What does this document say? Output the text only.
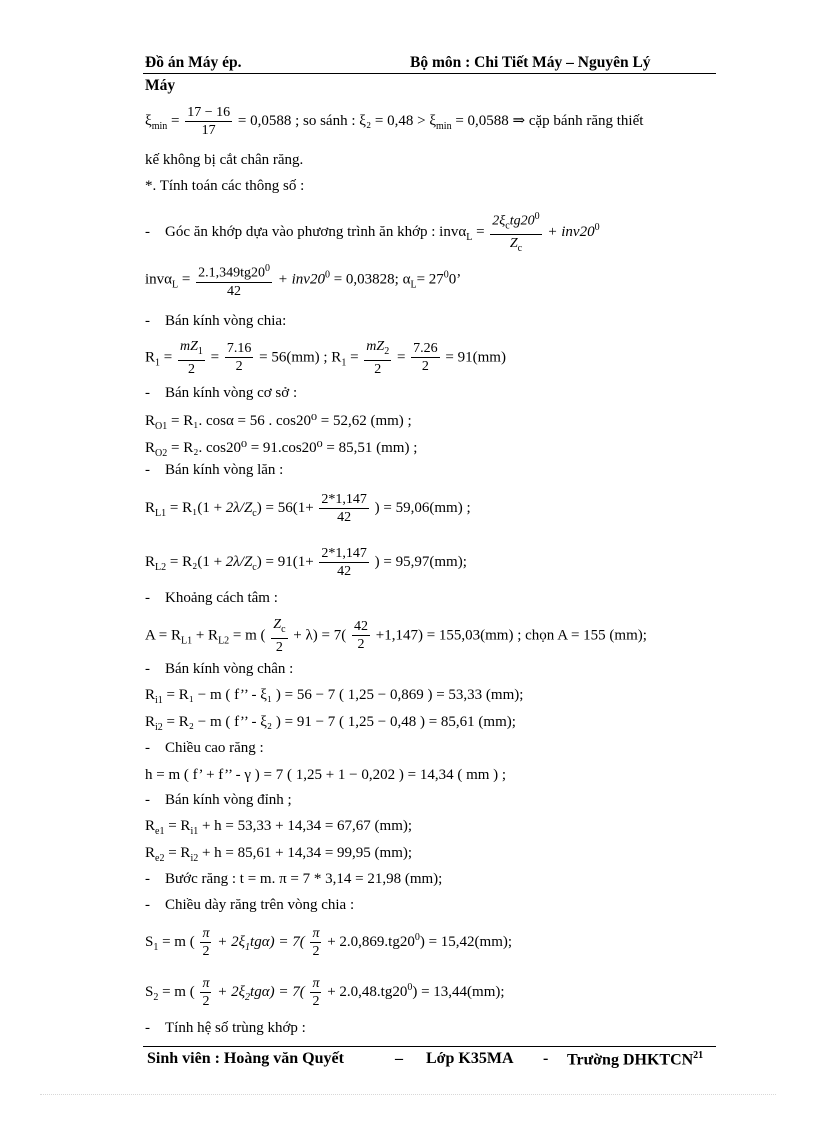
Đồ án Máy ép.	Bộ môn : Chi Tiết Máy – Nguyên Lý
Máy
$\xi_{min} = \frac{17 - 16}{17} = 0,0588$ ; so sánh : $\xi_2 = 0,48 > \xi_{min} = 0,0588$ ⇒ cặp bánh răng thiết
kế không bị cắt chân răng.
*. Tính toán các thông số :
-    Góc ăn khớp dựa vào phương trình ăn khớp : $inv\alpha_L = \frac{2\xi_ctg20^0}{Z_c} + inv20^0$
$inv\alpha_L = \frac{2.1,349tg20^0}{42} + inv20^0 = 0,03828$; $\alpha_L= 27^00$’
-    Bán kính vòng chia:
$R_1 = \frac{mZ_1}{2} = \frac{7.16}{2} = 56(mm)$ ; $R_1 = \frac{mZ_2}{2} = \frac{7.26}{2} = 91(mm)$
-    Bán kính vòng cơ sở :
$R_{O1} = R_1$. cosα = 56 . cos20⁰ = 52,62 (mm) ;
$R_{O2} = R_2$. cos20⁰ = 91.cos20⁰ = 85,51 (mm) ;
-    Bán kính vòng lăn :
$R_{L1} = R_1(1 + 2\lambda/Z_c) = 56(1+ \frac{2*1,147}{42}$ ) = 59,06(mm) ;
$R_{L2} = R_2(1 + 2\lambda/Z_c) = 91(1+ \frac{2*1,147}{42}$ ) = 95,97(mm);
-    Khoảng cách tâm :
$A = R_{L1} + R_{L2} = m$ ( $\frac{Z_c}{2} + \lambda) = 7( \frac{42}{2} +1,147) = 155,03(mm)$ ; chọn A = 155 (mm);
-    Bán kính vòng chân :
$R_{i1} = R_1 - m$ ( f’’ - ξ₁ ) = 56 − 7 ( 1,25 − 0,869 ) = 53,33 (mm);
$R_{i2} = R_2 - m$ ( f’’ - ξ₂ ) = 91 − 7 ( 1,25 − 0,48 ) = 85,61 (mm);
-    Chiều cao răng :
h = m ( f’ + f’’ - γ ) = 7 ( 1,25 + 1 − 0,202 ) = 14,34 ( mm ) ;
-    Bán kính vòng đỉnh ;
$R_{e1} = R_{i1} + h = 53,33 + 14,34 = 67,67$ (mm);
$R_{e2} = R_{i2} + h = 85,61 + 14,34 = 99,95$ (mm);
-    Bước răng : t = m. π = 7 * 3,14 = 21,98 (mm);
-    Chiều dày răng trên vòng chia :
$S_1 = m$ ( $\frac{\pi}{2} + 2\xi_1tg\alpha) = 7( \frac{\pi}{2} + 2.0,869.tg20^0) = 15,42(mm)$;
$S_2 = m$ ( $\frac{\pi}{2} + 2\xi_2tg\alpha) = 7( \frac{\pi}{2} + 2.0,48.tg20^0) = 13,44(mm)$;
-    Tính hệ số trùng khớp :
Sinh viên : Hoàng văn Quyết	– Lớp K35MA - Trường DHKTCN$^{21}$
